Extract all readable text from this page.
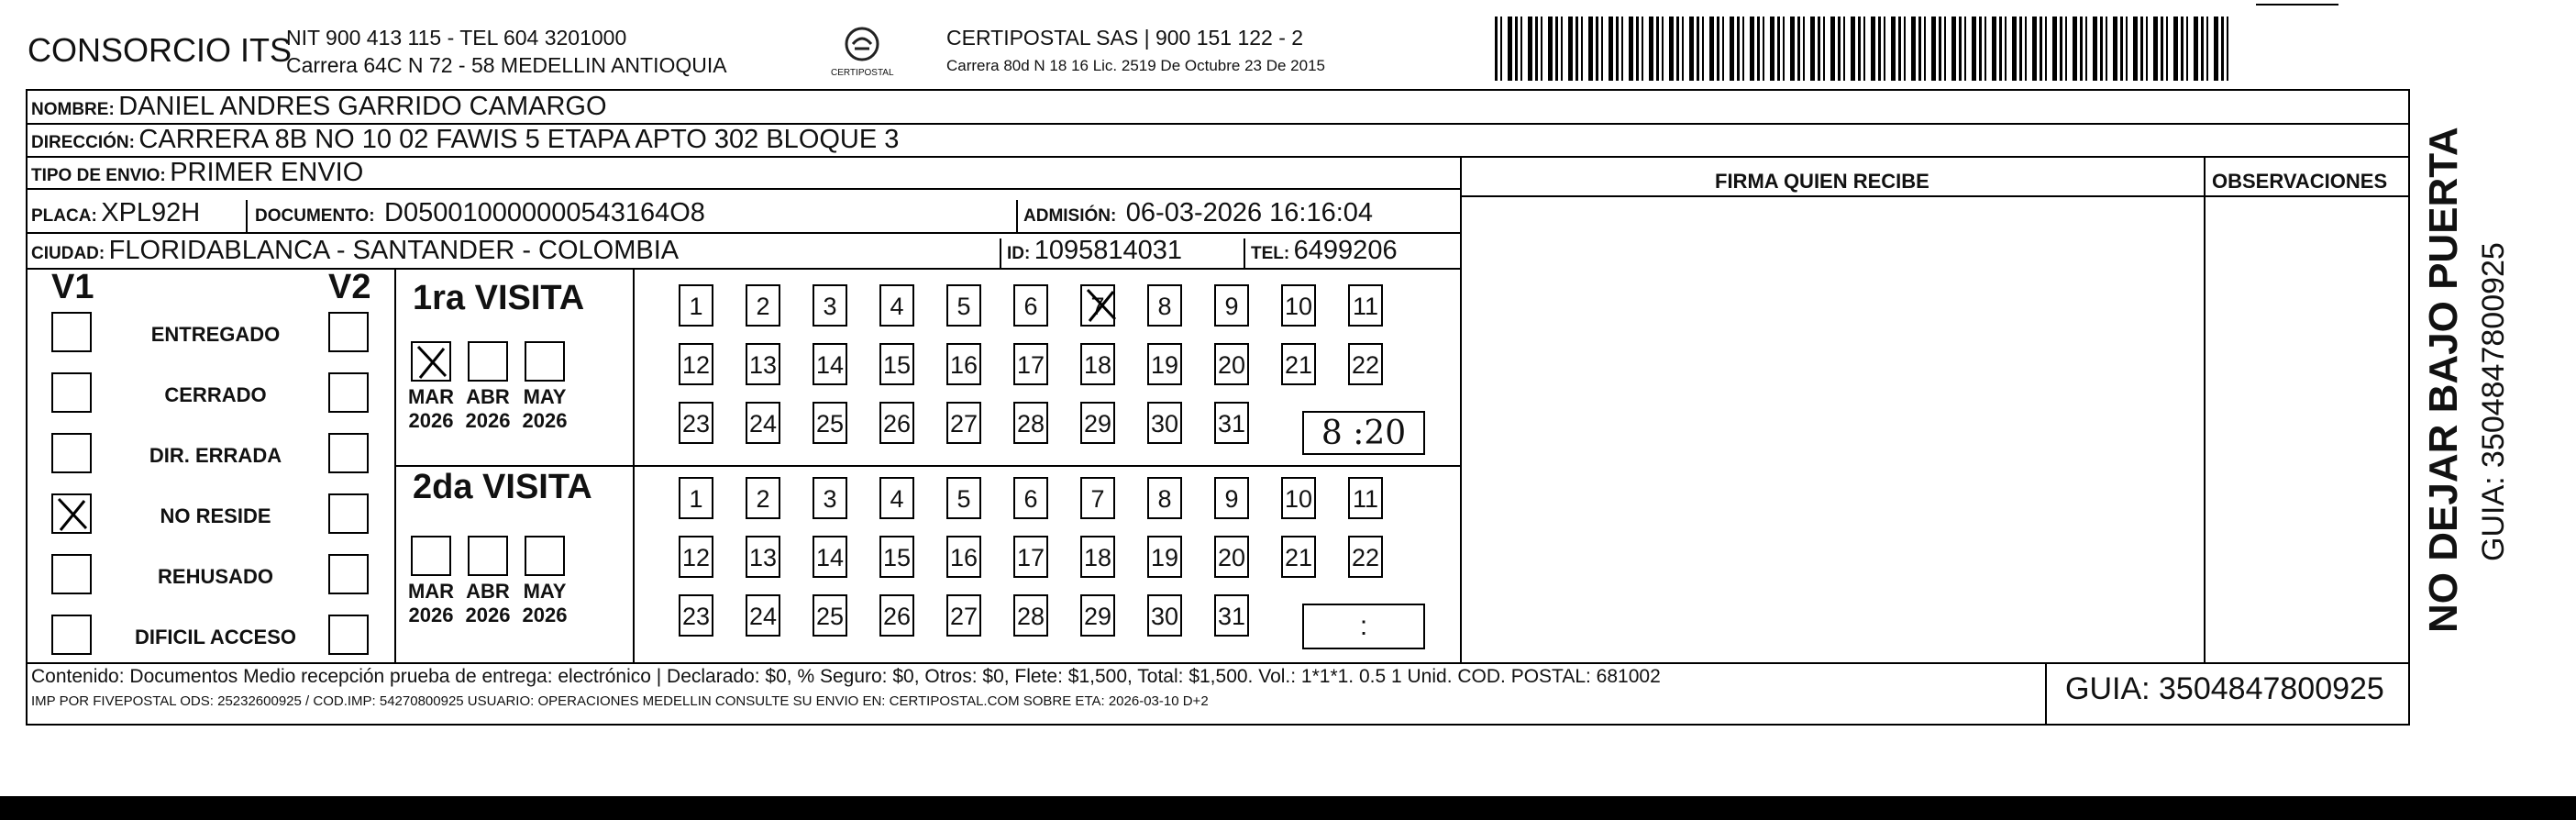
CONSORCIO ITS
NIT 900 413 115 - TEL 604 3201000
Carrera 64C N 72 - 58 MEDELLIN ANTIOQUIA	CERTIPOSTAL
CERTIPOSTAL SAS | 900 151 122 - 2
Carrera 80d N 18 16 Lic. 2519 De Octubre 23 De 2015
NOMBRE: DANIEL ANDRES GARRIDO CAMARGO
DIRECCIÓN: CARRERA 8B NO 10 02 FAWIS 5 ETAPA APTO 302 BLOQUE 3
TIPO DE ENVIO: PRIMER ENVIO	FIRMA QUIEN RECIBE	OBSERVACIONES
PLACA: XPL92H	DOCUMENTO: D050010000000543164O8	ADMISIÓN: 06-03-2026 16:16:04
CIUDAD: FLORIDABLANCA - SANTANDER - COLOMBIA	ID: 1095814031	TEL: 6499206
V1	V2
ENTREGADO
CERRADO
DIR. ERRADA
NO RESIDE
REHUSADO
DIFICIL ACCESO
1ra VISITA
2da VISITA
MAR
2026
ABR
2026
MAY
2026
MAR
2026
ABR
2026
MAY
2026
1	2	3	4	5	6	7	8	9	10 11
12 13 14 15 16 17 18 19 20 21 22
23 24 25 26 27 28 29 30 31
1	2	3	4	5	6	7	8	9	10 11
12 13 14 15 16 17 18 19 20 21 22
23 24 25 26 27 28 29 30 31
8 :20
:
Contenido: Documentos Medio recepción prueba de entrega: electrónico | Declarado: $0, % Seguro: $0, Otros: $0, Flete: $1,500, Total: $1,500. Vol.: 1*1*1. 0.5 1 Unid. COD. POSTAL: 681002
IMP POR FIVEPOSTAL ODS: 25232600925 / COD.IMP: 54270800925 USUARIO: OPERACIONES MEDELLIN CONSULTE SU ENVIO EN: CERTIPOSTAL.COM SOBRE ETA: 2026-03-10 D+2	GUIA: 3504847800925
NO DEJAR BAJO PUERTA GUIA: 3504847800925
